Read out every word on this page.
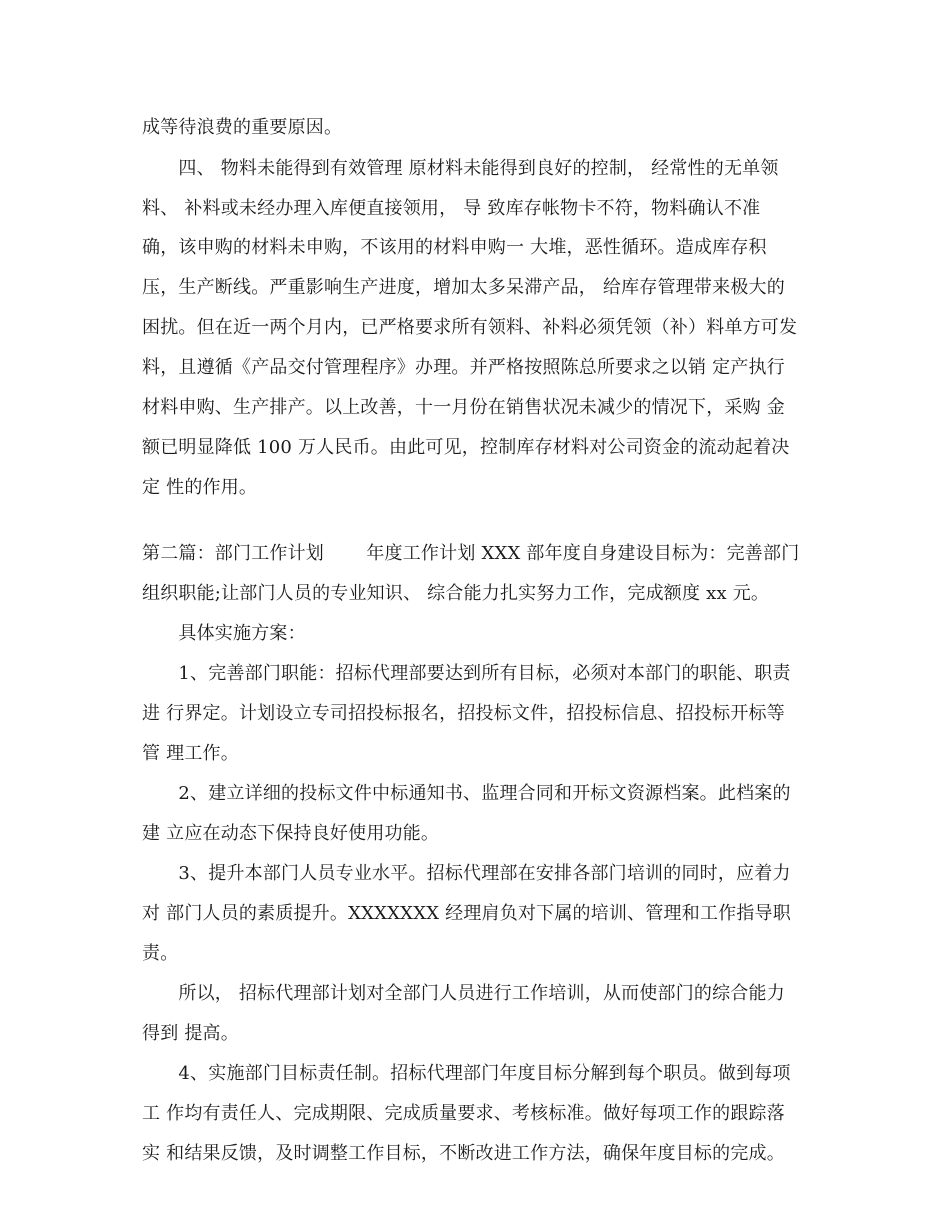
成等待浪费的重要原因。

　　四、 物料未能得到有效管理 原材料未能得到良好的控制， 经常性的无单领

料、 补料或未经办理入库便直接领用， 导 致库存帐物卡不符，物料确认不准

确，该申购的材料未申购，不该用的材料申购一 大堆，恶性循环。造成库存积

压，生产断线。严重影响生产进度，增加太多呆滞产品， 给库存管理带来极大的

困扰。但在近一两个月内，已严格要求所有领料、补料必须凭领（补）料单方可发

料，且遵循《产品交付管理程序》办理。并严格按照陈总所要求之以销 定产执行

材料申购、生产排产。以上改善，十一月份在销售状况未减少的情况下，采购 金

额已明显降低 100 万人民币。由此可见，控制库存材料对公司资金的流动起着决

定 性的作用。

第二篇：部门工作计划　　 年度工作计划 XXX 部年度自身建设目标为：完善部门

组织职能;让部门人员的专业知识、 综合能力扎实努力工作，完成额度 xx 元。

　　具体实施方案：

　　1、完善部门职能：招标代理部要达到所有目标，必须对本部门的职能、职责

进 行界定。计划设立专司招投标报名，招投标文件，招投标信息、招投标开标等

管 理工作。

　　2、建立详细的投标文件中标通知书、监理合同和开标文资源档案。此档案的

建 立应在动态下保持良好使用功能。

　　3、提升本部门人员专业水平。招标代理部在安排各部门培训的同时，应着力

对 部门人员的素质提升。XXXXXXX 经理肩负对下属的培训、管理和工作指导职

责。

　　所以， 招标代理部计划对全部门人员进行工作培训，从而使部门的综合能力

得到 提高。

　　4、实施部门目标责任制。招标代理部门年度目标分解到每个职员。做到每项

工 作均有责任人、完成期限、完成质量要求、考核标准。做好每项工作的跟踪落

实 和结果反馈，及时调整工作目标，不断改进工作方法，确保年度目标的完成。
